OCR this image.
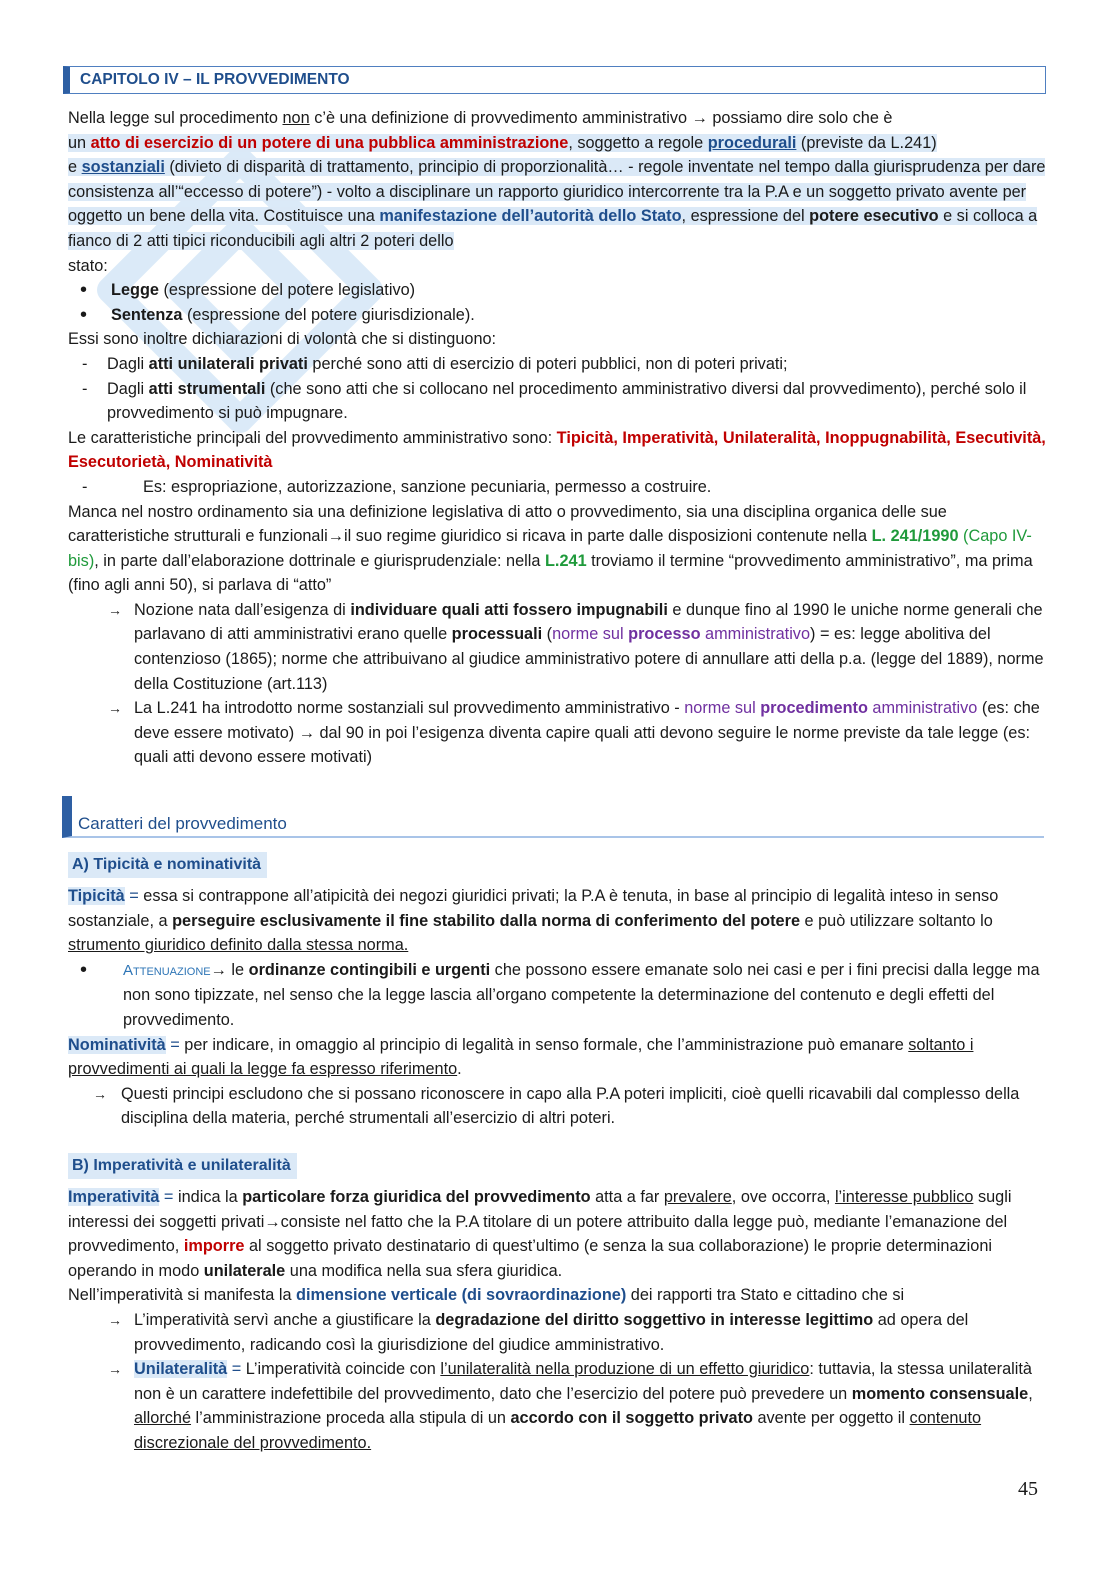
CAPITOLO IV – IL PROVVEDIMENTO

Nella legge sul procedimento non c’è una definizione di provvedimento amministrativo → possiamo dire solo che è
un atto di esercizio di un potere di una pubblica amministrazione, soggetto a regole procedurali (previste da L.241)
e sostanziali (divieto di disparità di trattamento, principio di proporzionalità… - regole inventate nel tempo dalla giurisprudenza per dare consistenza all’“eccesso di potere”) - volto a disciplinare un rapporto giuridico intercorrente tra la P.A e un soggetto privato avente per oggetto un bene della vita. Costituisce una manifestazione dell’autorità dello Stato, espressione del potere esecutivo e si colloca a fianco di 2 atti tipici riconducibili agli altri 2 poteri dello
stato:

• Legge (espressione del potere legislativo)
• Sentenza (espressione del potere giurisdizionale).

Essi sono inoltre dichiarazioni di volontà che si distinguono:

- Dagli atti unilaterali privati perché sono atti di esercizio di poteri pubblici, non di poteri privati;
- Dagli atti strumentali (che sono atti che si collocano nel procedimento amministrativo diversi dal provvedimento), perché solo il provvedimento si può impugnare.

Le caratteristiche principali del provvedimento amministrativo sono: Tipicità, Imperatività, Unilateralità, Inoppugnabilità, Esecutività, Esecutorietà, Nominatività

- Es: espropriazione, autorizzazione, sanzione pecuniaria, permesso a costruire.

Manca nel nostro ordinamento sia una definizione legislativa di atto o provvedimento, sia una disciplina organica delle sue caratteristiche strutturali e funzionali→il suo regime giuridico si ricava in parte dalle disposizioni contenute nella L. 241/1990 (Capo IV-bis), in parte dall’elaborazione dottrinale e giurisprudenziale: nella L.241 troviamo il termine “provvedimento amministrativo”, ma prima (fino agli anni 50), si parlava di “atto”

→ Nozione nata dall’esigenza di individuare quali atti fossero impugnabili e dunque fino al 1990 le uniche norme generali che parlavano di atti amministrativi erano quelle processuali (norme sul processo amministrativo) = es: legge abolitiva del contenzioso (1865); norme che attribuivano al giudice amministrativo potere di annullare atti della p.a. (legge del 1889), norme della Costituzione (art.113)
→ La L.241 ha introdotto norme sostanziali sul provvedimento amministrativo - norme sul procedimento amministrativo (es: che deve essere motivato) → dal 90 in poi l’esigenza diventa capire quali atti devono seguire le norme previste da tale legge (es: quali atti devono essere motivati)
Caratteri del provvedimento
A) Tipicità e nominatività

Tipicità = essa si contrappone all’atipicità dei negozi giuridici privati; la P.A è tenuta, in base al principio di legalità inteso in senso sostanziale, a perseguire esclusivamente il fine stabilito dalla norma di conferimento del potere e può utilizzare soltanto lo strumento giuridico definito dalla stessa norma.

• Attenuazione→ le ordinanze contingibili e urgenti che possono essere emanate solo nei casi e per i fini precisi dalla legge ma non sono tipizzate, nel senso che la legge lascia all’organo competente la determinazione del contenuto e degli effetti del provvedimento.

Nominatività = per indicare, in omaggio al principio di legalità in senso formale, che l’amministrazione può emanare soltanto i provvedimenti ai quali la legge fa espresso riferimento.

→ Questi principi escludono che si possano riconoscere in capo alla P.A poteri impliciti, cioè quelli ricavabili dal complesso della disciplina della materia, perché strumentali all’esercizio di altri poteri.
B) Imperatività e unilateralità

Imperatività = indica la particolare forza giuridica del provvedimento atta a far prevalere, ove occorra, l’interesse pubblico sugli interessi dei soggetti privati→consiste nel fatto che la P.A titolare di un potere attribuito dalla legge può, mediante l’emanazione del provvedimento, imporre al soggetto privato destinatario di quest’ultimo (e senza la sua collaborazione) le proprie determinazioni operando in modo unilaterale una modifica nella sua sfera giuridica.

Nell’imperatività si manifesta la dimensione verticale (di sovraordinazione) dei rapporti tra Stato e cittadino che si

→ L’imperatività servì anche a giustificare la degradazione del diritto soggettivo in interesse legittimo ad opera del provvedimento, radicando così la giurisdizione del giudice amministrativo.
→ Unilateralità = L’imperatività coincide con l’unilateralità nella produzione di un effetto giuridico: tuttavia, la stessa unilateralità non è un carattere indefettibile del provvedimento, dato che l’esercizio del potere può prevedere un momento consensuale, allorché l’amministrazione proceda alla stipula di un accordo con il soggetto privato avente per oggetto il contenuto discrezionale del provvedimento.
45
